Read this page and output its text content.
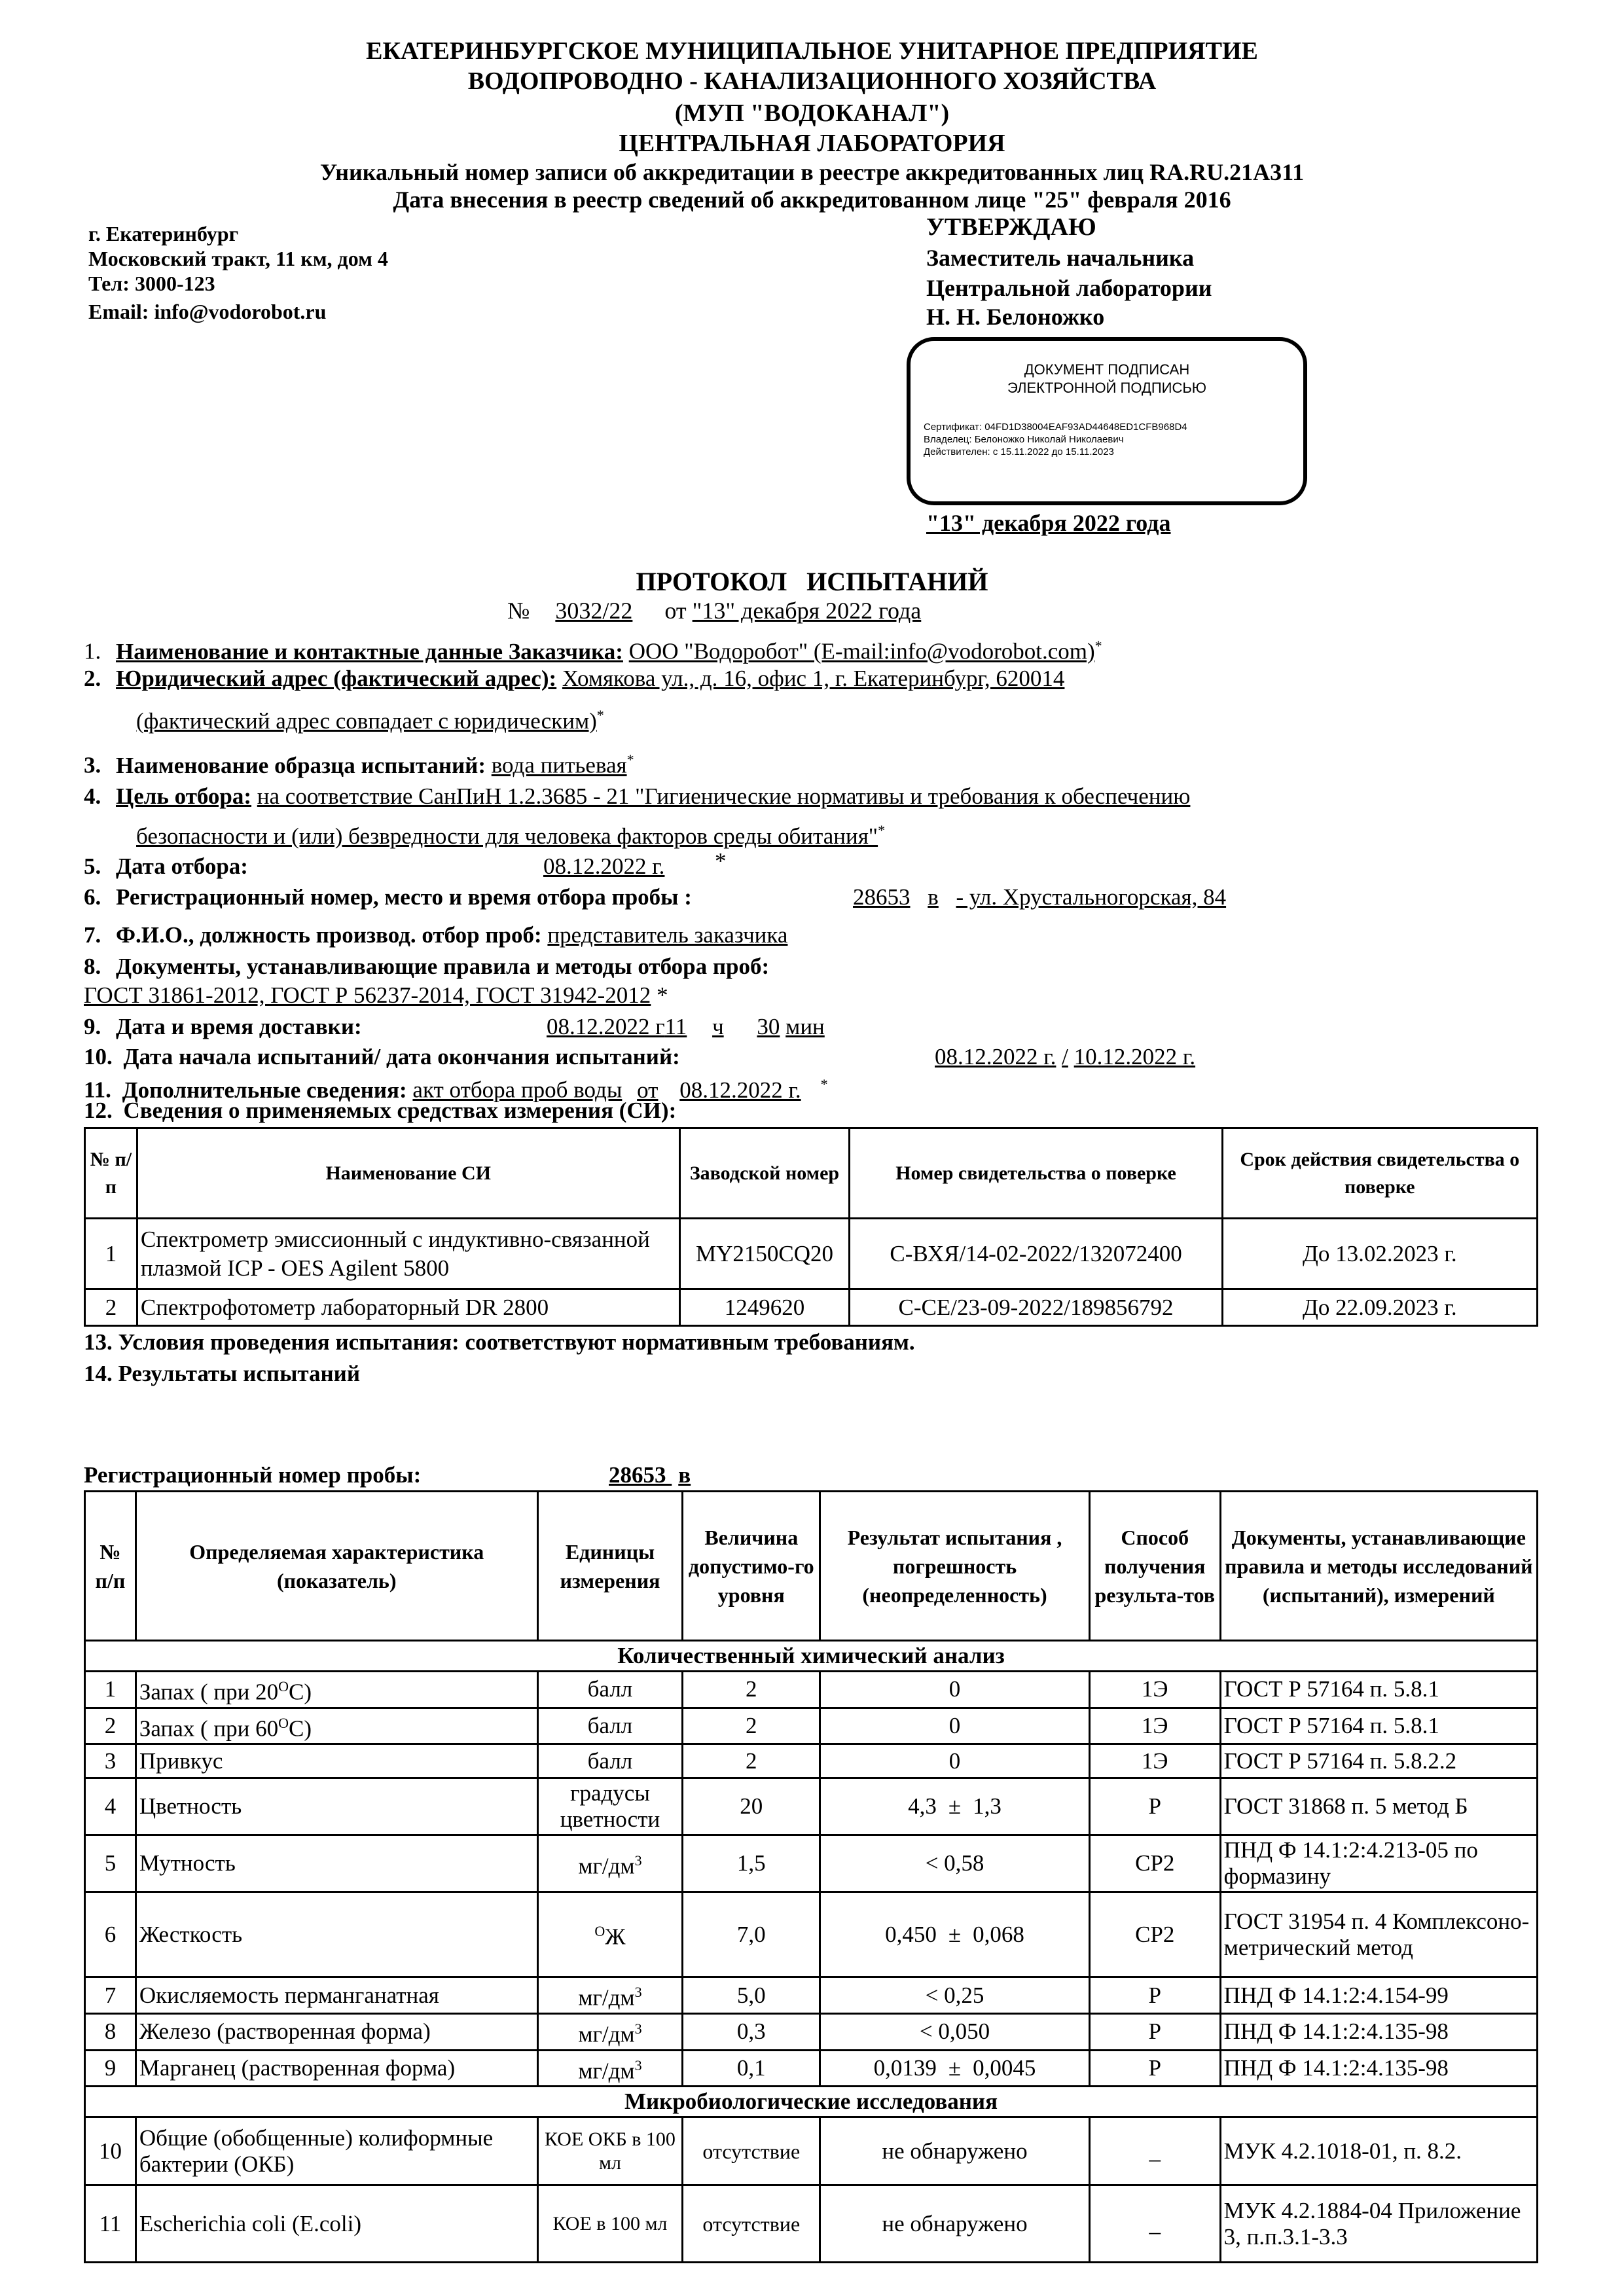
ЕКАТЕРИНБУРГСКОЕ МУНИЦИПАЛЬНОЕ УНИТАРНОЕ ПРЕДПРИЯТИЕ
ВОДОПРОВОДНО - КАНАЛИЗАЦИОННОГО ХОЗЯЙСТВА
(МУП "ВОДОКАНАЛ")
ЦЕНТРАЛЬНАЯ ЛАБОРАТОРИЯ
Уникальный номер записи об аккредитации в реестре аккредитованных лиц RA.RU.21А311
Дата внесения в реестр сведений об аккредитованном лице "25" февраля 2016
г. Екатеринбург
Московский тракт, 11 км, дом 4
Тел: 3000-123
Email: info@vodorobot.ru
УТВЕРЖДАЮ
Заместитель начальника
Центральной лаборатории
Н. Н. Белоножко
ДОКУМЕНТ ПОДПИСАН
ЭЛЕКТРОННОЙ ПОДПИСЬЮ
Сертификат: 04FD1D38004EAF93AD44648ED1CFB968D4
Владелец: Белоножко Николай Николаевич
Действителен: с 15.11.2022 до 15.11.2023
"13" декабря 2022 года
ПРОТОКОЛ   ИСПЫТАНИЙ
№ 3032/22 от "13" декабря 2022 года
1. Наименование и контактные данные Заказчика: ООО "Водоробот" (E-mail:info@vodorobot.com)*
2. Юридический адрес (фактический адрес): Хомякова ул., д. 16, офис 1, г. Екатеринбург, 620014
(фактический адрес совпадает с юридическим)*
3. Наименование образца испытаний: вода питьевая*
4. Цель отбора: на соответствие СанПиН 1.2.3685 - 21 "Гигиенические нормативы и требования к обеспечению
безопасности и (или) безвредности для человека факторов среды обитания"*
5. Дата отбора:	08.12.2022 г. *
6. Регистрационный номер, место и время отбора пробы :	28653 в - ул. Хрустальногорская, 84
7. Ф.И.О., должность производ. отбор проб: представитель заказчика
8. Документы, устанавливающие правила и методы отбора проб:
ГОСТ 31861-2012, ГОСТ Р 56237-2014, ГОСТ 31942-2012 *
9. Дата и время доставки:	08.12.2022 г11 ч 30 мин
10. Дата начала испытаний/ дата окончания испытаний:	08.12.2022 г. / 10.12.2022 г.
11. Дополнительные сведения: акт отбора проб воды от 08.12.2022 г. *
12. Сведения о применяемых средствах измерения (СИ):
№ п/п	Наименование СИ	Заводской номер	Номер свидетельства о поверке	Срок действия свидетельства о поверке
1	Спектрометр эмиссионный с индуктивно-связанной плазмой ICP - OES Agilent 5800	MY2150CQ20	С-ВХЯ/14-02-2022/132072400	До 13.02.2023 г.
2	Спектрофотометр лабораторный DR 2800	1249620	С-СЕ/23-09-2022/189856792	До 22.09.2023 г.
13. Условия проведения испытания: соответствуют нормативным требованиям.
14. Результаты испытаний
Регистрационный номер пробы:	28653 в
№ п/п	Определяемая характеристика (показатель)	Единицы измерения	Величина допустимо-го уровня	Результат испытания , погрешность (неопределенность)	Способ получения результа-тов	Документы, устанавливающие правила и методы исследований (испытаний), измерений
Количественный химический анализ						
1	Запах ( при $20^OС$)	балл	2	0	1Э	ГОСТ Р 57164 п. 5.8.1
2	Запах ( при $60^OС$)	балл	2	0	1Э	ГОСТ Р 57164 п. 5.8.1
3	Привкус	балл	2	0	1Э	ГОСТ Р 57164 п. 5.8.2.2
4	Цветность	градусы цветности	20	4,3 ± 1,3	Р	ГОСТ 31868 п. 5 метод Б
5	Мутность	$мг/дм^3$	1,5	< 0,58	СР2	ПНД Ф 14.1:2:4.213-05 по формазину
6	Жесткость	$^O$Ж	7,0	0,450 ± 0,068	СР2	ГОСТ 31954 п. 4 Комплексоно-метрический метод
7	Окисляемость перманганатная	$мг/дм^3$	5,0	< 0,25	Р	ПНД Ф 14.1:2:4.154-99
8	Железо (растворенная форма)	$мг/дм^3$	0,3	< 0,050	Р	ПНД Ф 14.1:2:4.135-98
9	Марганец (растворенная форма)	$мг/дм^3$	0,1	0,0139 ± 0,0045	Р	ПНД Ф 14.1:2:4.135-98
Микробиологические исследования						
10	Общие (обобщенные) колиформные бактерии (ОКБ)	КОЕ ОКБ в 100 мл	отсутствие	не обнаружено	_	МУК 4.2.1018-01, п. 8.2.
11	Escherichia coli (E.coli)	КОЕ в 100 мл	отсутствие	не обнаружено	_	МУК 4.2.1884-04 Приложение 3, п.п.3.1-3.3
